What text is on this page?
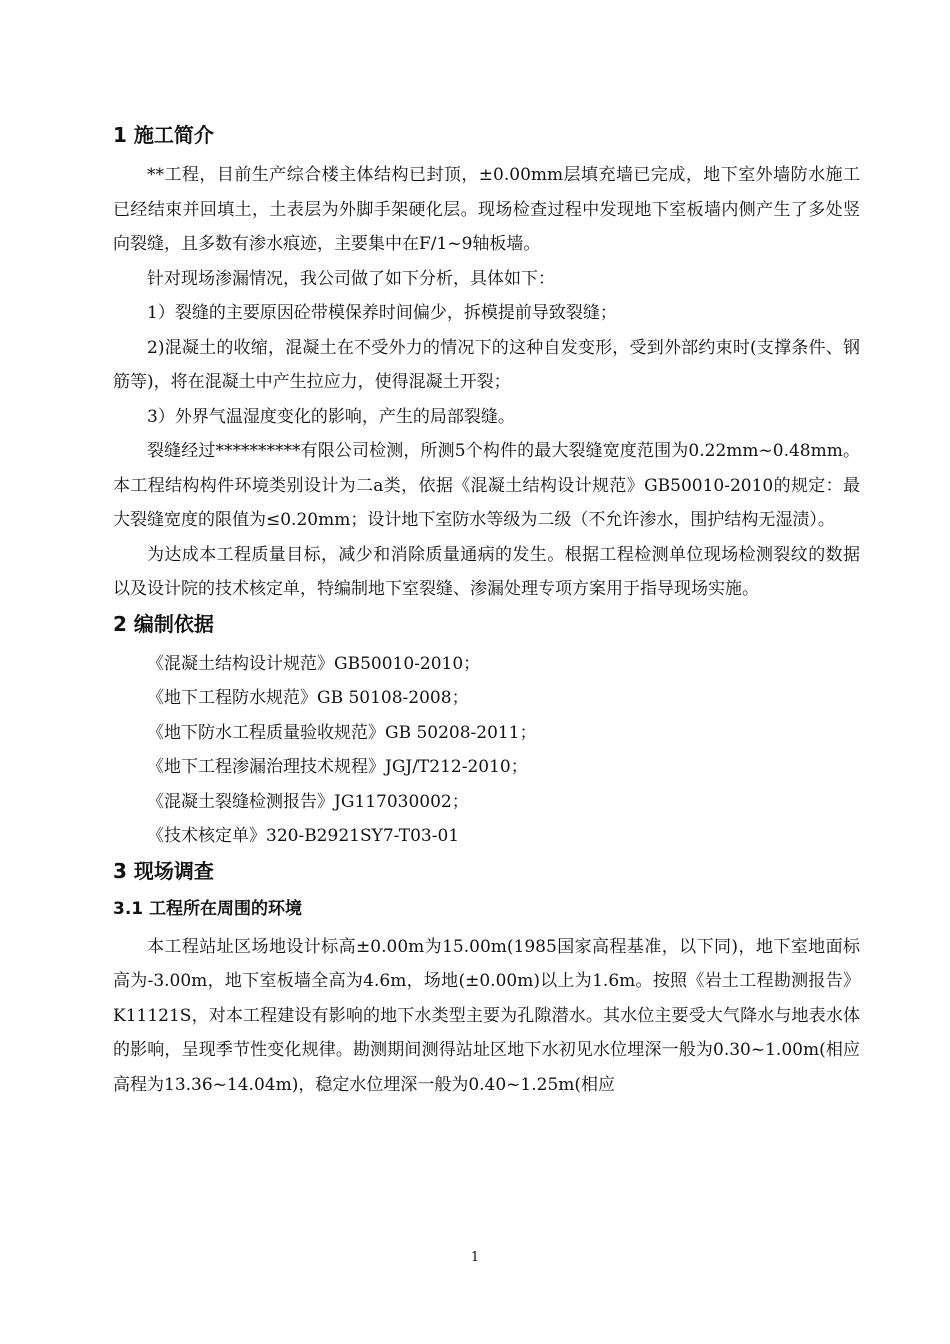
1 施工简介

**工程，目前生产综合楼主体结构已封顶，±0.00mm层填充墙已完成，地下室外墙防水施工已经结束并回填土，土表层为外脚手架硬化层。现场检查过程中发现地下室板墙内侧产生了多处竖向裂缝，且多数有渗水痕迹，主要集中在F/1~9轴板墙。

针对现场渗漏情况，我公司做了如下分析，具体如下：

1）裂缝的主要原因砼带模保养时间偏少，拆模提前导致裂缝；

2)混凝土的收缩，混凝土在不受外力的情况下的这种自发变形，受到外部约束时(支撑条件、钢筋等)，将在混凝土中产生拉应力，使得混凝土开裂；

3）外界气温湿度变化的影响，产生的局部裂缝。

裂缝经过**********有限公司检测，所测5个构件的最大裂缝宽度范围为0.22mm~0.48mm。本工程结构构件环境类别设计为二a类，依据《混凝土结构设计规范》GB50010-2010的规定：最大裂缝宽度的限值为≤0.20mm；设计地下室防水等级为二级（不允许渗水，围护结构无湿渍）。

为达成本工程质量目标，减少和消除质量通病的发生。根据工程检测单位现场检测裂纹的数据以及设计院的技术核定单，特编制地下室裂缝、渗漏处理专项方案用于指导现场实施。

2 编制依据

《混凝土结构设计规范》GB50010-2010；

《地下工程防水规范》GB 50108-2008；

《地下防水工程质量验收规范》GB 50208-2011；

《地下工程渗漏治理技术规程》JGJ/T212-2010；

《混凝土裂缝检测报告》JG117030002；

《技术核定单》320-B2921SY7-T03-01

3 现场调查
3.1 工程所在周围的环境

本工程站址区场地设计标高±0.00m为15.00m(1985国家高程基准，以下同)，地下室地面标高为-3.00m，地下室板墙全高为4.6m，场地(±0.00m)以上为1.6m。按照《岩土工程勘测报告》K11121S，对本工程建设有影响的地下水类型主要为孔隙潜水。其水位主要受大气降水与地表水体的影响，呈现季节性变化规律。勘测期间测得站址区地下水初见水位埋深一般为0.30~1.00m(相应高程为13.36~14.04m)，稳定水位埋深一般为0.40~1.25m(相应

1
